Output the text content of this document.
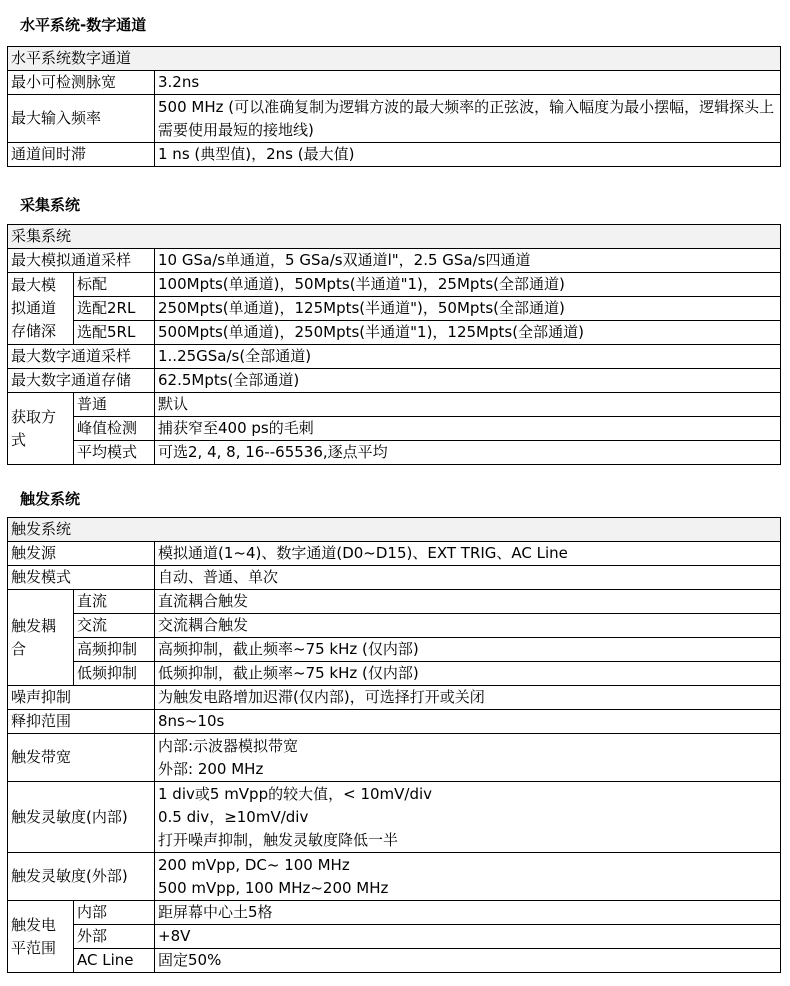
水平系统-数字通道
水平系统数字通道	
最小可检测脉宽	3.2ns
最大输入频率	500 MHz (可以准确复制为逻辑方波的最大频率的正弦波，输入幅度为最小摆幅，逻辑探头上需要使用最短的接地线)
通道间时滞	1 ns (典型值)，2ns (最大值)
采集系统
采集系统		
最大模拟通道采样		10 GSa/s单通道，5 GSa/s双通道l"，2.5 GSa/s四通道
最大模拟通道存储深	标配	100Mpts(单通道)，50Mpts(半通道"1)，25Mpts(全部通道)
	选配2RL	250Mpts(单通道)，125Mpts(半通道")，50Mpts(全部通道)
	选配5RL	500Mpts(单通道)，250Mpts(半通道"1)，125Mpts(全部通道)
最大数字通道采样		1..25GSa/s(全部通道)
最大数字通道存储		62.5Mpts(全部通道)
获取方式	普通	默认
	峰值检测	捕获窄至400 ps的毛刺
	平均模式	可选2, 4, 8, 16--65536,逐点平均
触发系统
触发系统		
触发源		模拟通道(1~4)、数字通道(D0~D15)、EXT TRIG、AC Line
触发模式		自动、普通、单次
触发耦合	直流	直流耦合触发
	交流	交流耦合触发
	高频抑制	高频抑制，截止频率~75 kHz (仅内部)
	低频抑制	低频抑制，截止频率~75 kHz (仅内部)
噪声抑制		为触发电路增加迟滞(仅内部)，可选择打开或关闭
释抑范围		8ns~10s
触发带宽		内部:示波器模拟带宽
外部: 200 MHz

触发灵敏度(内部)		1 div或5 mVpp的较大值，< 10mV/div
0.5 div，≥10mV/div
打开噪声抑制，触发灵敏度降低一半

触发灵敏度(外部)		200 mVpp, DC~ 100 MHz
500 mVpp, 100 MHz~200 MHz

触发电平范围	内部	距屏幕中心土5格
	外部	+8V
	AC Line	固定50%
